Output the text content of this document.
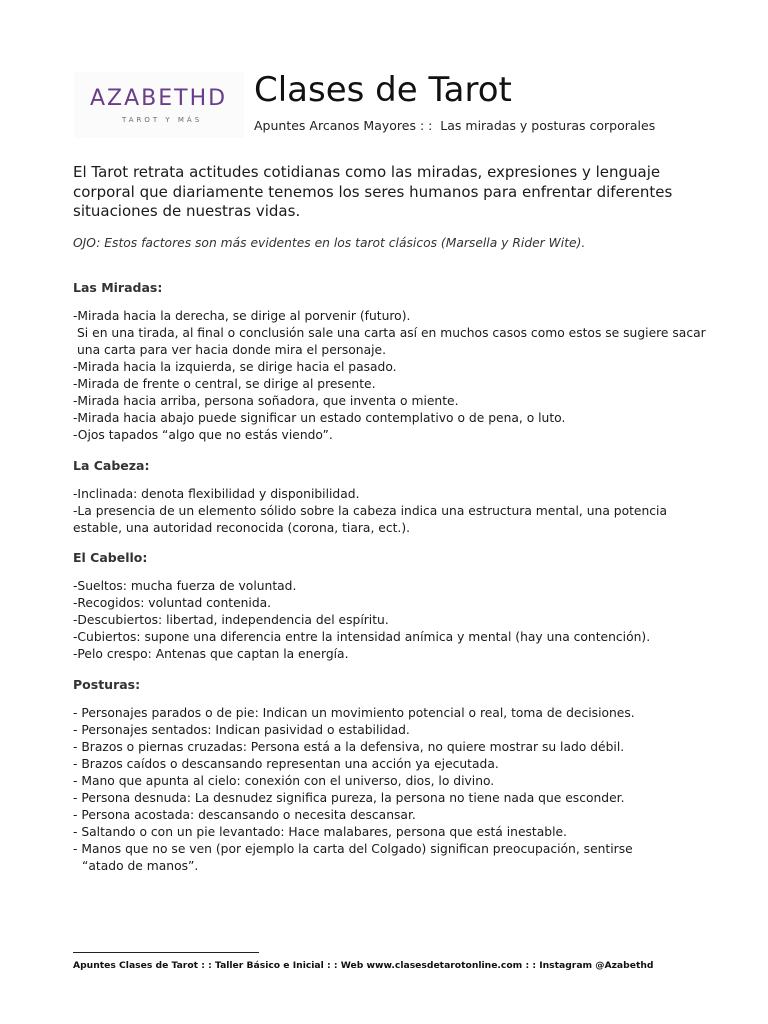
AZABETHD
TAROT Y MÁS
Clases de Tarot
Apuntes Arcanos Mayores : :  Las miradas y posturas corporales
El Tarot retrata actitudes cotidianas como las miradas, expresiones y lenguaje corporal que diariamente tenemos los seres humanos para enfrentar diferentes situaciones de nuestras vidas.
OJO: Estos factores son más evidentes en los tarot clásicos (Marsella y Rider Wite).
Las Miradas:
-Mirada hacia la derecha, se dirige al porvenir (futuro).
Si en una tirada, al final o conclusión sale una carta así en muchos casos como estos se sugiere sacar una carta para ver hacia donde mira el personaje.
-Mirada hacia la izquierda, se dirige hacia el pasado.
-Mirada de frente o central, se dirige al presente.
-Mirada hacia arriba, persona soñadora, que inventa o miente.
-Mirada hacia abajo puede significar un estado contemplativo o de pena, o luto.
-Ojos tapados “algo que no estás viendo”.
La Cabeza:
-Inclinada: denota flexibilidad y disponibilidad.
-La presencia de un elemento sólido sobre la cabeza indica una estructura mental, una potencia estable, una autoridad reconocida (corona, tiara, ect.).
El Cabello:
-Sueltos: mucha fuerza de voluntad.
-Recogidos: voluntad contenida.
-Descubiertos: libertad, independencia del espíritu.
-Cubiertos: supone una diferencia entre la intensidad anímica y mental (hay una contención).
-Pelo crespo: Antenas que captan la energía.
Posturas:
- Personajes parados o de pie: Indican un movimiento potencial o real, toma de decisiones.
- Personajes sentados: Indican pasividad o estabilidad.
- Brazos o piernas cruzadas: Persona está a la defensiva, no quiere mostrar su lado débil.
- Brazos caídos o descansando representan una acción ya ejecutada.
- Mano que apunta al cielo: conexión con el universo, dios, lo divino.
- Persona desnuda: La desnudez significa pureza, la persona no tiene nada que esconder.
- Persona acostada: descansando o necesita descansar.
- Saltando o con un pie levantado: Hace malabares, persona que está inestable.
- Manos que no se ven (por ejemplo la carta del Colgado) significan preocupación, sentirse
“atado de manos”.
Apuntes Clases de Tarot : : Taller Básico e Inicial : : Web www.clasesdetarotonline.com : : Instagram @Azabethd
